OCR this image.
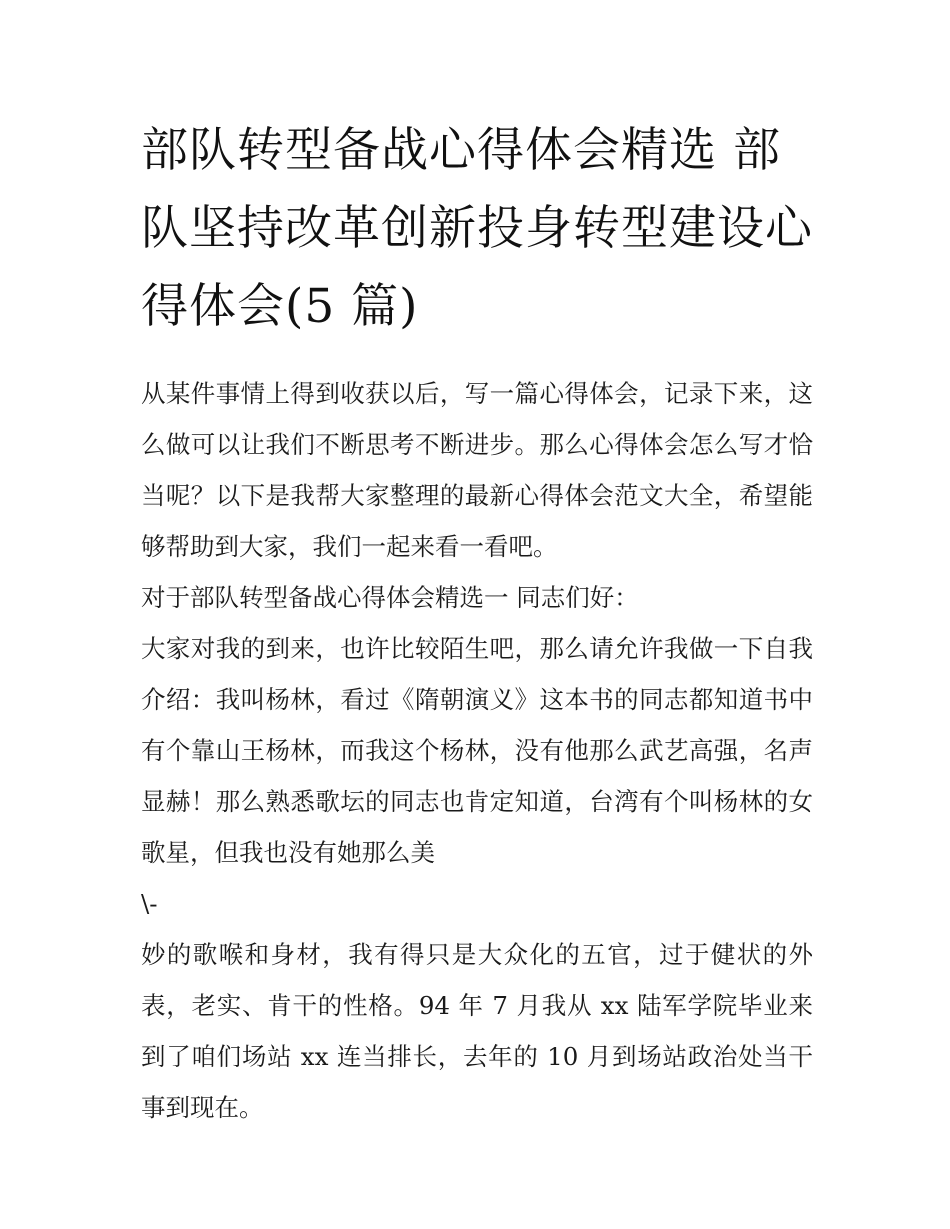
部队转型备战心得体会精选 部队坚持改革创新投身转型建设心得体会(5 篇)

从某件事情上得到收获以后，写一篇心得体会，记录下来，这么做可以让我们不断思考不断进步。那么心得体会怎么写才恰当呢？以下是我帮大家整理的最新心得体会范文大全，希望能够帮助到大家，我们一起来看一看吧。

对于部队转型备战心得体会精选一 同志们好：

大家对我的到来，也许比较陌生吧，那么请允许我做一下自我介绍：我叫杨林，看过《隋朝演义》这本书的同志都知道书中有个靠山王杨林，而我这个杨林，没有他那么武艺高强，名声显赫！那么熟悉歌坛的同志也肯定知道，台湾有个叫杨林的女歌星，但我也没有她那么美

\-

妙的歌喉和身材，我有得只是大众化的五官，过于健状的外表，老实、肯干的性格。94 年 7 月我从 xx 陆军学院毕业来到了咱们场站 xx 连当排长，去年的 10 月到场站政治处当干事到现在。
